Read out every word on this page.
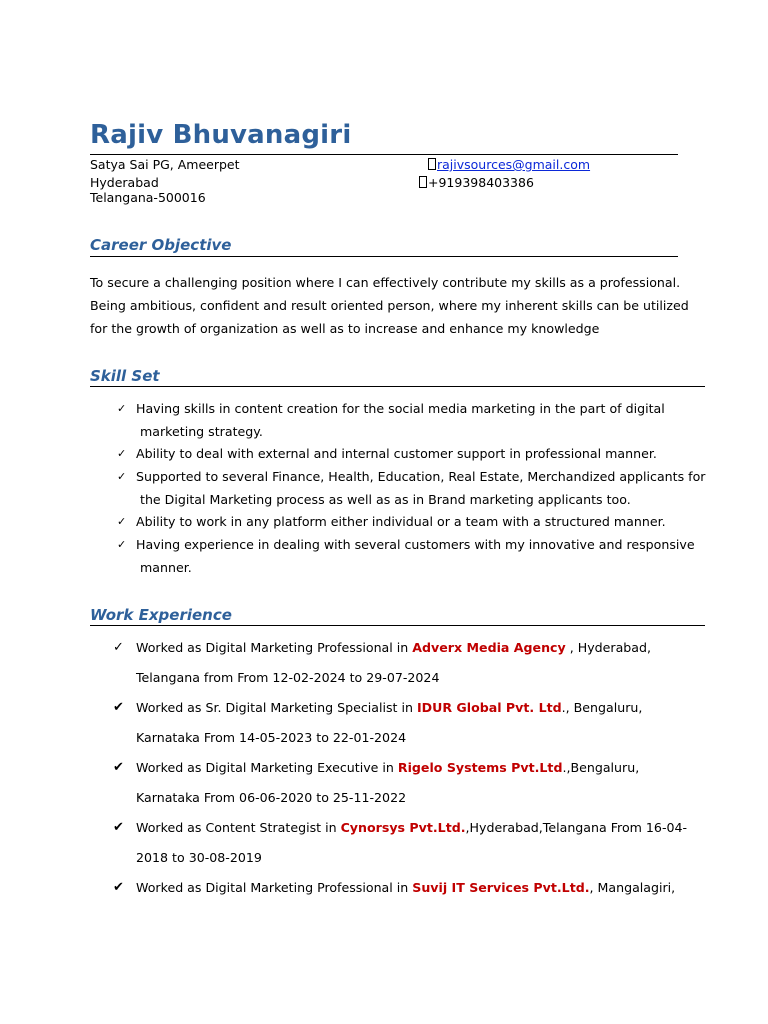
Rajiv Bhuvanagiri
Satya Sai PG, Ameerpet
Hyderabad
Telangana-500016
rajivsources@gmail.com
+919398403386
Career Objective
To secure a challenging position where I can effectively contribute my skills as a professional.
Being ambitious, confident and result oriented person, where my inherent skills can be utilized
for the growth of organization as well as to increase and enhance my knowledge
Skill Set
✓ Having skills in content creation for the social media marketing in the part of digital
marketing strategy.
✓ Ability to deal with external and internal customer support in professional manner.
✓ Supported to several Finance, Health, Education, Real Estate, Merchandized applicants for
the Digital Marketing process as well as as in Brand marketing applicants too.
✓ Ability to work in any platform either individual or a team with a structured manner.
✓ Having experience in dealing with several customers with my innovative and responsive
manner.
Work Experience
✓ Worked as Digital Marketing Professional in Adverx Media Agency , Hyderabad,
Telangana from From 12-02-2024 to 29-07-2024
✔ Worked as Sr. Digital Marketing Specialist in IDUR Global Pvt. Ltd., Bengaluru,
Karnataka From 14-05-2023 to 22-01-2024
✔ Worked as Digital Marketing Executive in Rigelo Systems Pvt.Ltd.,Bengaluru,
Karnataka From 06-06-2020 to 25-11-2022
✔ Worked as Content Strategist in Cynorsys Pvt.Ltd.,Hyderabad,Telangana From 16-04-
2018 to 30-08-2019
✔ Worked as Digital Marketing Professional in Suvij IT Services Pvt.Ltd., Mangalagiri,
